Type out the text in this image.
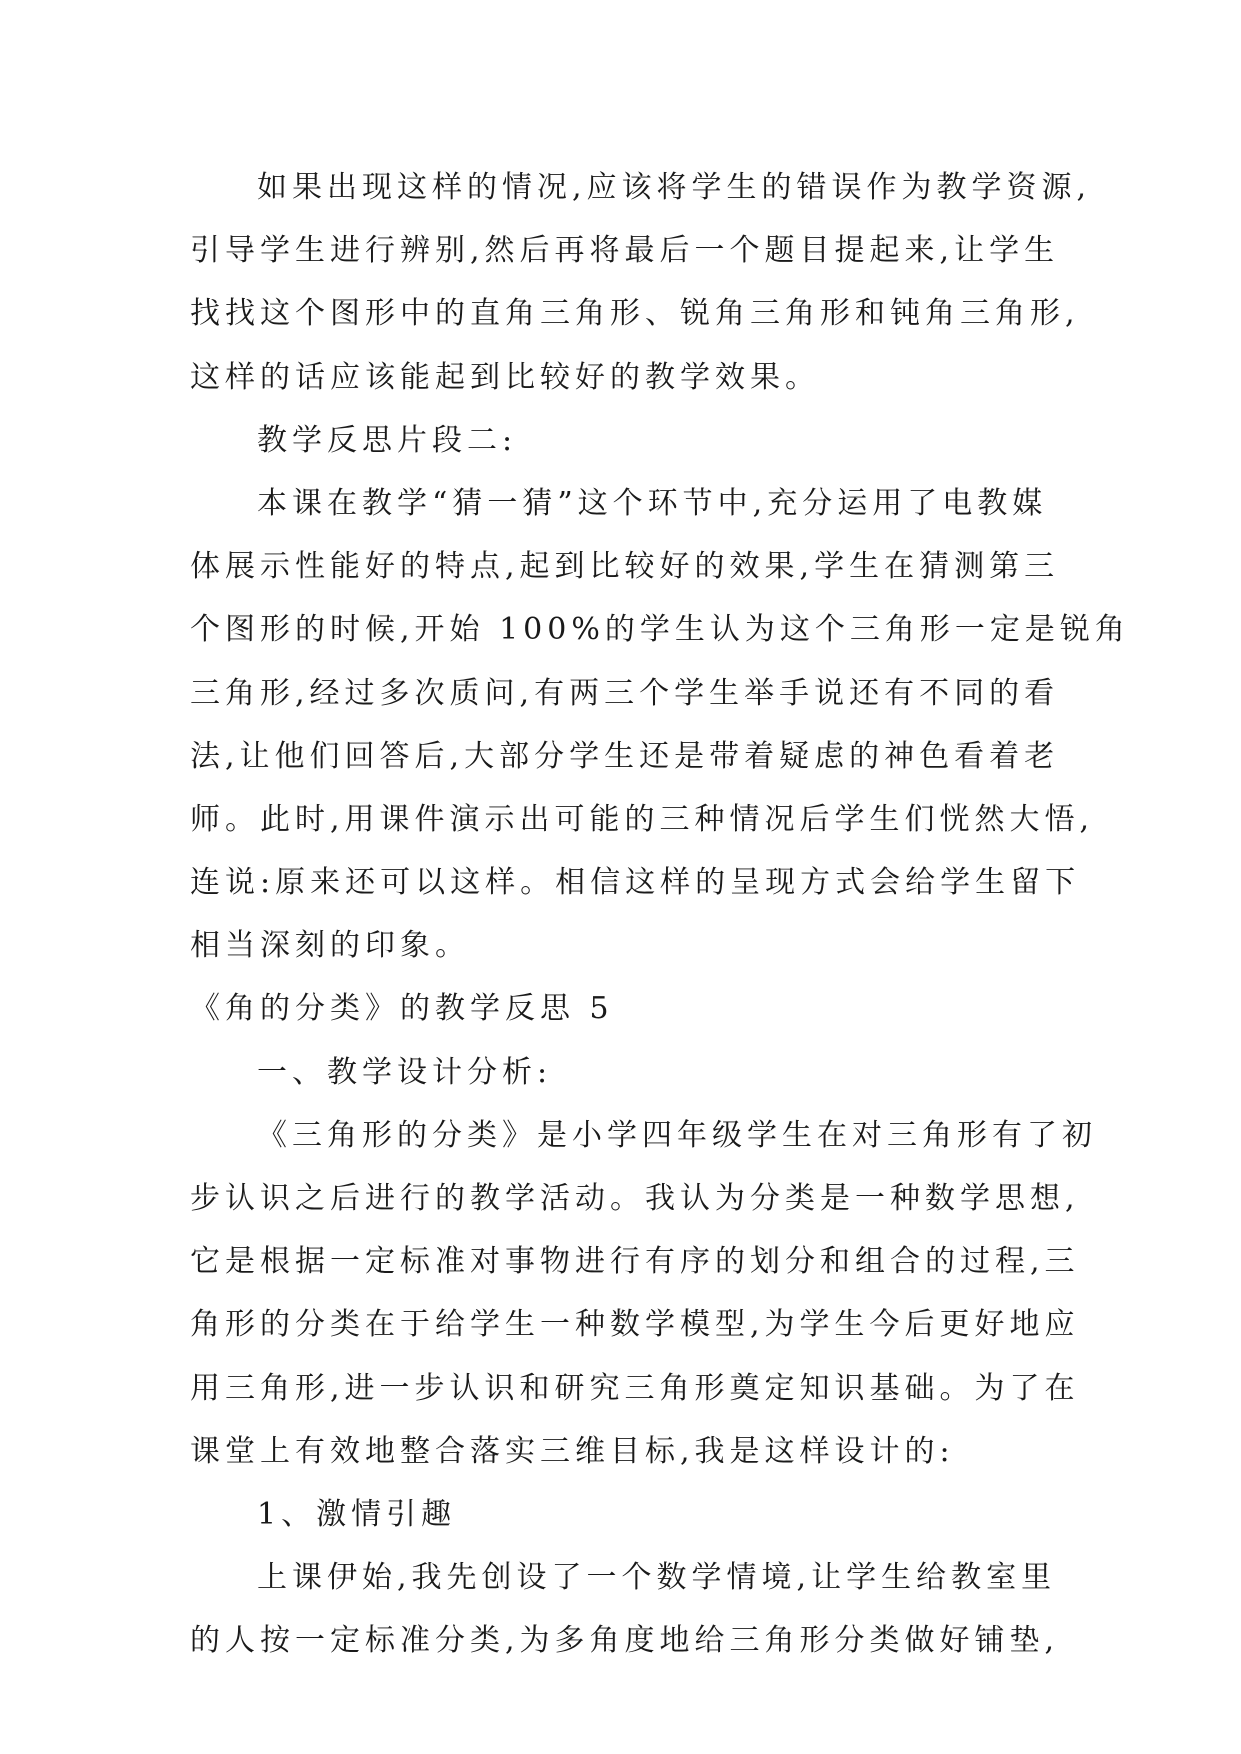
如果出现这样的情况,应该将学生的错误作为教学资源,
引导学生进行辨别,然后再将最后一个题目提起来,让学生
找找这个图形中的直角三角形、锐角三角形和钝角三角形,
这样的话应该能起到比较好的教学效果。
教学反思片段二:
本课在教学“猜一猜”这个环节中,充分运用了电教媒
体展示性能好的特点,起到比较好的效果,学生在猜测第三
个图形的时候,开始 100%的学生认为这个三角形一定是锐角
三角形,经过多次质问,有两三个学生举手说还有不同的看
法,让他们回答后,大部分学生还是带着疑虑的神色看着老
师。此时,用课件演示出可能的三种情况后学生们恍然大悟,
连说:原来还可以这样。相信这样的呈现方式会给学生留下
相当深刻的印象。
《角的分类》的教学反思 5
一、教学设计分析:
《三角形的分类》是小学四年级学生在对三角形有了初
步认识之后进行的教学活动。我认为分类是一种数学思想,
它是根据一定标准对事物进行有序的划分和组合的过程,三
角形的分类在于给学生一种数学模型,为学生今后更好地应
用三角形,进一步认识和研究三角形奠定知识基础。为了在
课堂上有效地整合落实三维目标,我是这样设计的:
1、激情引趣
上课伊始,我先创设了一个数学情境,让学生给教室里
的人按一定标准分类,为多角度地给三角形分类做好铺垫,
